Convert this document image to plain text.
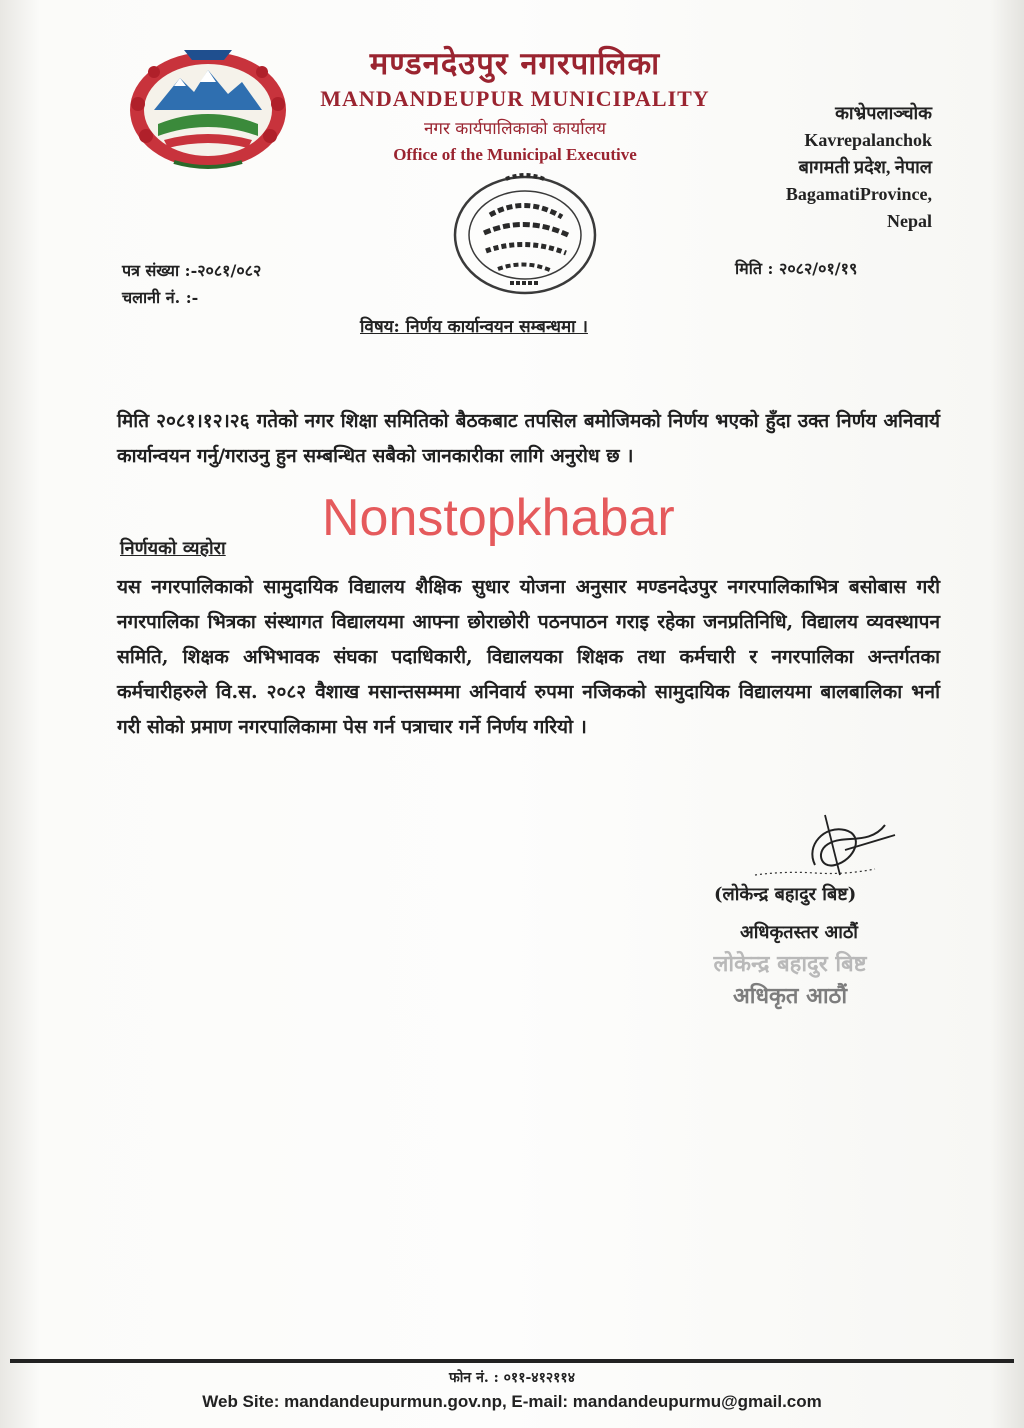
मण्डनदेउपुर नगरपालिका
MANDANDEUPUR MUNICIPALITY
नगर कार्यपालिकाको कार्यालय
Office of the Municipal Executive
काभ्रेपलाञ्चोक
Kavrepalanchok
बागमती प्रदेश, नेपाल
BagamatiProvince,
Nepal
पत्र संख्या :-२०८१/०८२
चलानी नं. :-
मिति : २०८२/०१/१९
विषय: निर्णय कार्यान्वयन सम्बन्धमा ।
मिति २०८१।१२।२६ गतेको नगर शिक्षा समितिको बैठकबाट तपसिल बमोजिमको निर्णय भएको हुँदा उक्त निर्णय अनिवार्य कार्यान्वयन गर्नु/गराउनु हुन सम्बन्धित सबैको जानकारीका लागि अनुरोध छ ।
Nonstopkhabar
निर्णयको व्यहोरा
यस नगरपालिकाको सामुदायिक विद्यालय शैक्षिक सुधार योजना अनुसार मण्डनदेउपुर नगरपालिकाभित्र बसोबास गरी नगरपालिका भित्रका संस्थागत विद्यालयमा आफ्ना छोराछोरी पठनपाठन गराइ रहेका जनप्रतिनिधि, विद्यालय व्यवस्थापन समिति, शिक्षक अभिभावक संघका पदाधिकारी, विद्यालयका शिक्षक तथा कर्मचारी र नगरपालिका अन्तर्गतका कर्मचारीहरुले वि.स. २०८२ वैशाख मसान्तसम्ममा अनिवार्य रुपमा नजिकको सामुदायिक विद्यालयमा बालबालिका भर्ना गरी सोको प्रमाण नगरपालिकामा पेस गर्न पत्राचार गर्ने निर्णय गरियो ।
(लोकेन्द्र बहादुर बिष्ट)
अधिकृतस्तर आठौं
लोकेन्द्र बहादुर बिष्ट
अधिकृत आठौं
फोन नं. : ०११-४१२११४
Web Site: mandandeupurmun.gov.np, E-mail: mandandeupurmu@gmail.com
